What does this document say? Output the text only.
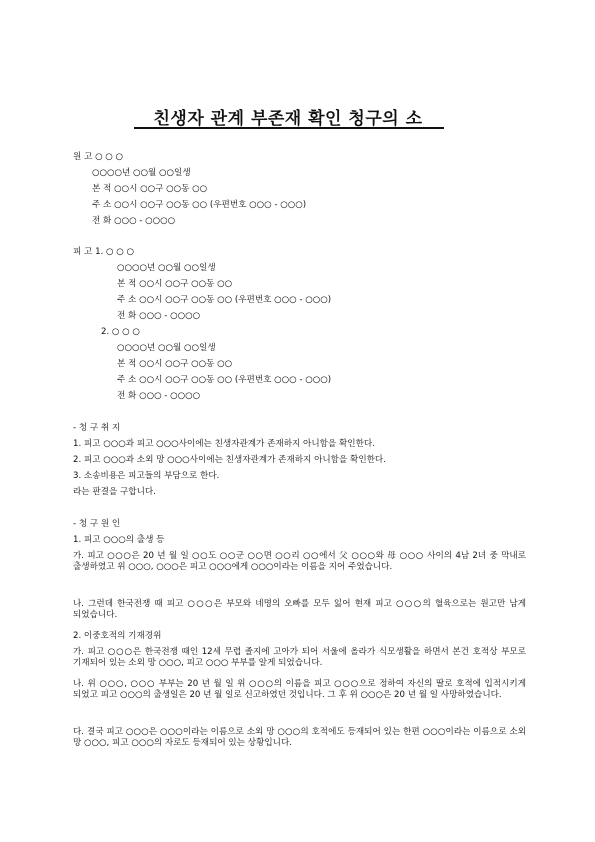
친생자 관계 부존재 확인 청구의 소
원 고 ○ ○ ○
○○○○년 ○○월 ○○일생
본 적 ○○시 ○○구 ○○동 ○○
주 소 ○○시 ○○구 ○○동 ○○ (우편번호 ○○○ - ○○○)
전 화 ○○○ - ○○○○
피 고 1. ○ ○ ○
○○○○년 ○○월 ○○일생
본 적 ○○시 ○○구 ○○동 ○○
주 소 ○○시 ○○구 ○○동 ○○ (우편번호 ○○○ - ○○○)
전 화 ○○○ - ○○○○
2. ○ ○ ○
○○○○년 ○○월 ○○일생
본 적 ○○시 ○○구 ○○동 ○○
주 소 ○○시 ○○구 ○○동 ○○ (우편번호 ○○○ - ○○○)
전 화 ○○○ - ○○○○
- 청 구 취 지
1. 피고 ○○○과 피고 ○○○사이에는 친생자관계가 존재하지 아니함을 확인한다.
2. 피고 ○○○과 소외 망 ○○○사이에는 친생자관계가 존재하지 아니함을 확인한다.
3. 소송비용은 피고들의 부담으로 한다.
라는 판결을 구합니다.
- 청 구 원 인
1. 피고 ○○○의 출생 등
가. 피고 ○○○은 20 년 월 일 ○○도 ○○군 ○○면 ○○리 ○○에서 父 ○○○와 母 ○○○ 사이의 4남 2녀 중 막내로 출생하였고 위 ○○○, ○○○은 피고 ○○○에게 ○○○이라는 이름을 지어 주었습니다.
나. 그런데 한국전쟁 때 피고 ○○○은 부모와 네명의 오빠를 모두 잃어 현재 피고 ○○○의 혈육으로는 원고만 남게 되었습니다.
2. 이중호적의 기재경위
가. 피고 ○○○은 한국전쟁 때인 12세 무렵 졸지에 고아가 되어 서울에 올라가 식모생활을 하면서 본건 호적상 부모로 기재되어 있는 소외 망 ○○○, 피고 ○○○ 부부를 알게 되었습니다.
나. 위 ○○○, ○○○ 부부는 20 년 월 일 위 ○○○의 이름을 피고 ○○○으로 정하여 자신의 딸로 호적에 입적시키게 되었고 피고 ○○○의 출생일은 20 년 월 일로 신고하였던 것입니다. 그 후 위 ○○○은 20 년 월 일 사망하였습니다.
다. 결국 피고 ○○○은 ○○○이라는 이름으로 소외 망 ○○○의 호적에도 등재되어 있는 한편 ○○○이라는 이름으로 소외 망 ○○○, 피고 ○○○의 자로도 등재되어 있는 상황입니다.
